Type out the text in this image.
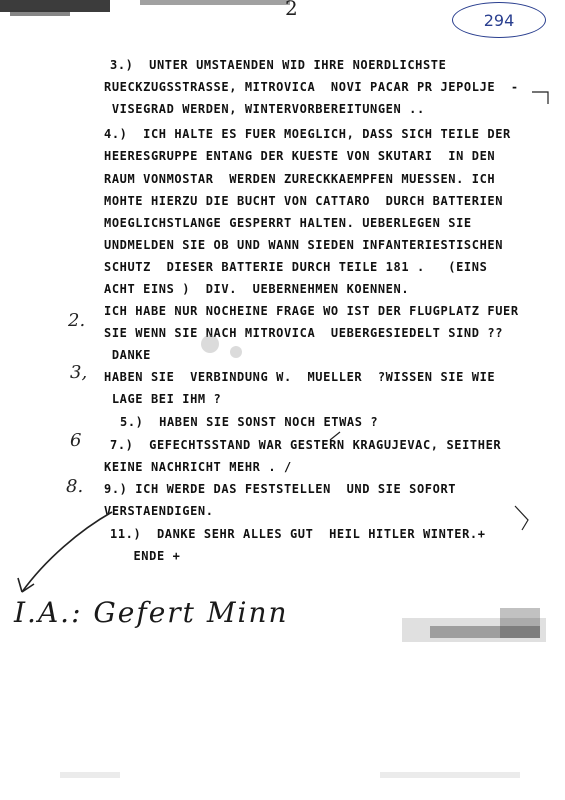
2	294
3.)  UNTER UMSTAENDEN WID IHRE NOERDLICHSTE
RUECKZUGSSTRASSE, MITROVICA  NOVI PACAR PR JEPOLJE  -
VISEGRAD WERDEN, WINTERVORBEREITUNGEN ..
4.)  ICH HALTE ES FUER MOEGLICH, DASS SICH TEILE DER
HEERESGRUPPE ENTANG DER KUESTE VON SKUTARI  IN DEN
RAUM VONMOSTAR  WERDEN ZURECKKAEMPFEN MUESSEN. ICH
MOHTE HIERZU DIE BUCHT VON CATTARO  DURCH BATTERIEN
MOEGLICHSTLANGE GESPERRT HALTEN. UEBERLEGEN SIE
UNDMELDEN SIE OB UND WANN SIEDEN INFANTERIESTISCHEN
SCHUTZ  DIESER BATTERIE DURCH TEILE 181 .   (EINS
ACHT EINS )  DIV.  UEBERNEHMEN KOENNEN.
ICH HABE NUR NOCHEINE FRAGE WO IST DER FLUGPLATZ FUER
SIE WENN SIE NACH MITROVICA  UEBERGESIEDELT SIND ??
DANKE
HABEN SIE  VERBINDUNG W.  MUELLER  ?WISSEN SIE WIE
LAGE BEI IHM ?
5.)  HABEN SIE SONST NOCH ETWAS ?
7.)  GEFECHTSSTAND WAR GESTERN KRAGUJEVAC, SEITHER
KEINE NACHRICHT MEHR . /
9.) ICH WERDE DAS FESTSTELLEN  UND SIE SOFORT
VERSTAENDIGEN.
11.)  DANKE SEHR ALLES GUT  HEIL HITLER WINTER.+
ENDE +
2.
3,
6
8.
I.A.: Gefert Minn
